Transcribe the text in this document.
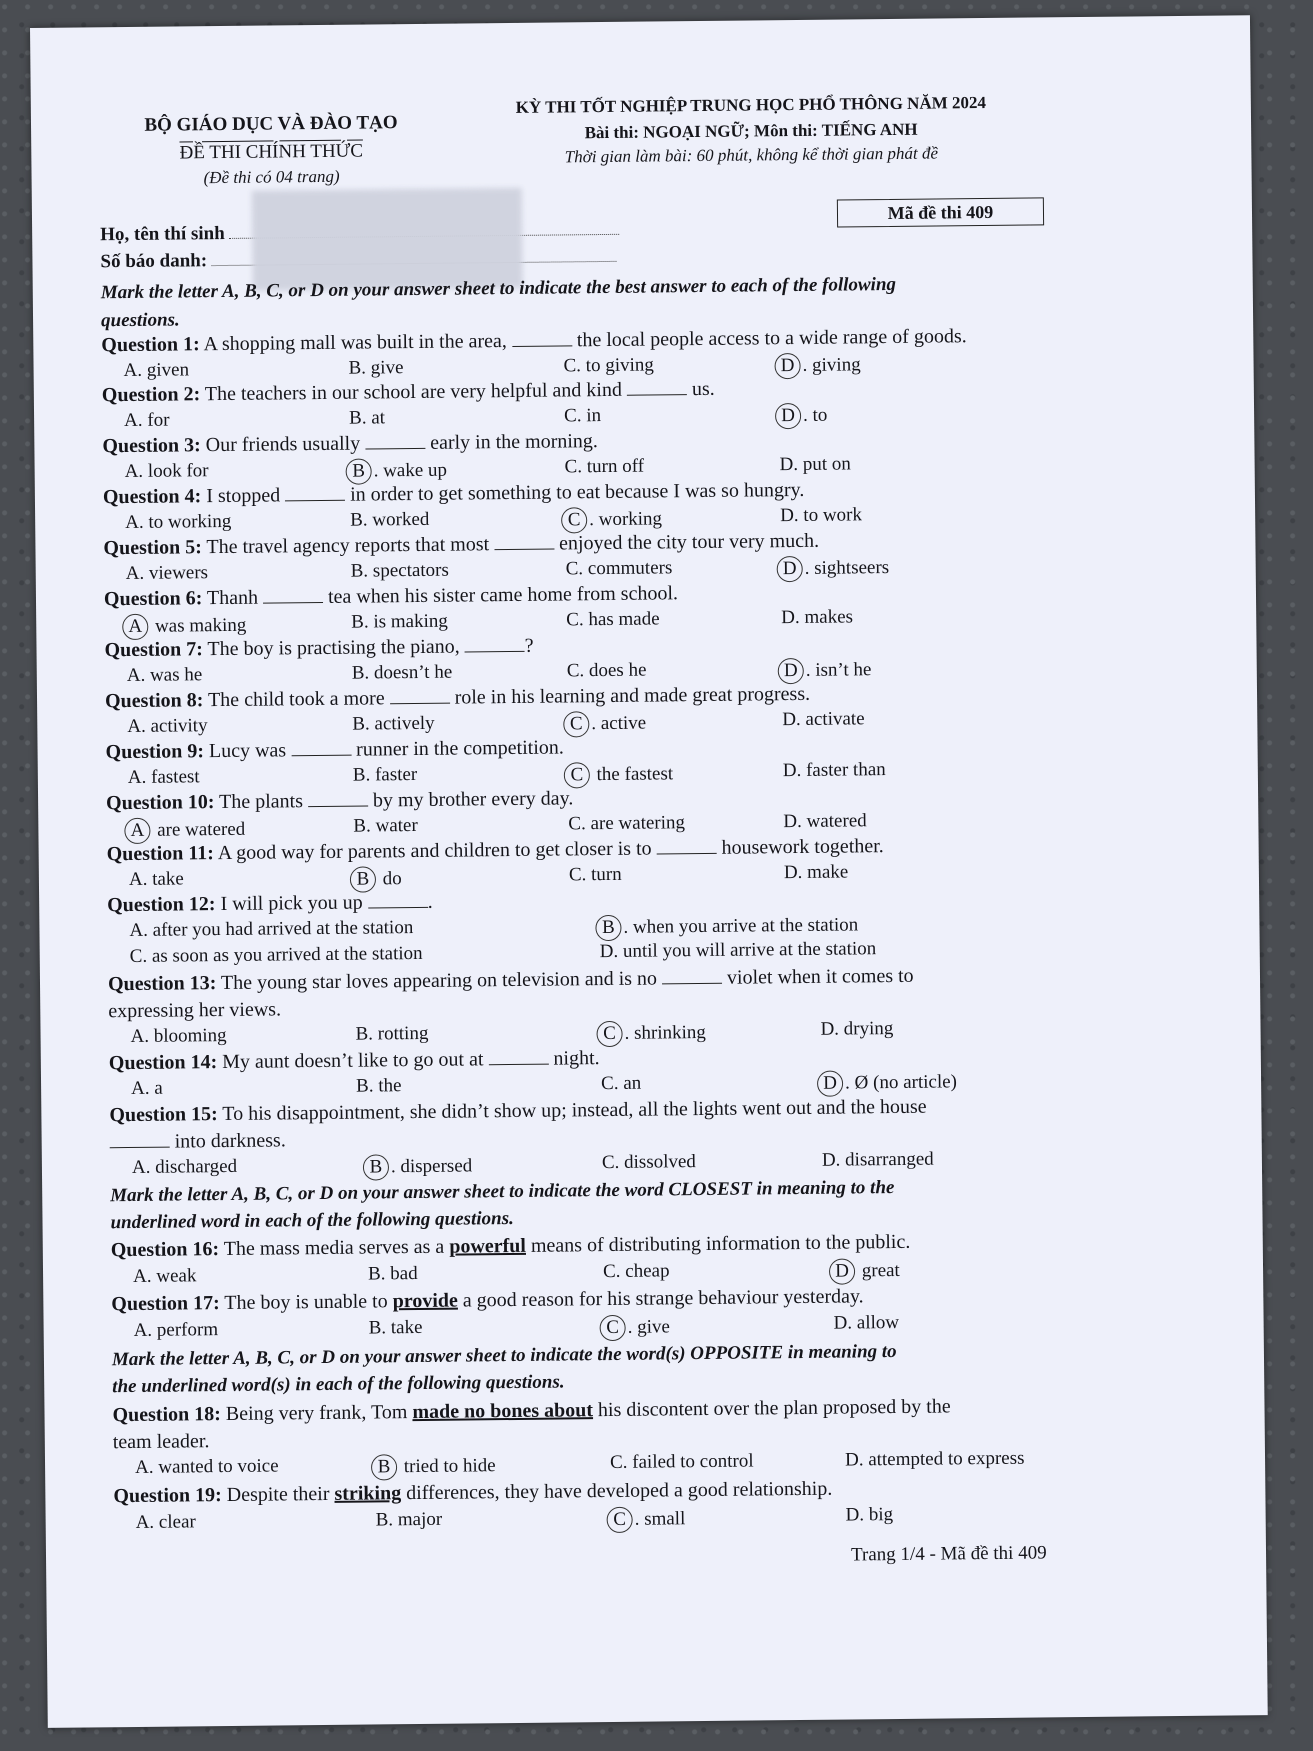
BỘ GIÁO DỤC VÀ ĐÀO TẠO
ĐỀ THI CHÍNH THỨC
(Đề thi có 04 trang)
KỲ THI TỐT NGHIỆP TRUNG HỌC PHỔ THÔNG NĂM 2024
Bài thi: NGOẠI NGỮ; Môn thi: TIẾNG ANH
Thời gian làm bài: 60 phút, không kể thời gian phát đề
Mã đề thi 409
Họ, tên thí sinh
Số báo danh:
Mark the letter A, B, C, or D on your answer sheet to indicate the best answer to each of the following
questions.
Question 1: A shopping mall was built in the area,	the local people access to a wide range of goods.
A. given	B. give	C. to giving	D . giving
Question 2: The teachers in our school are very helpful and kind	us.
A. for	B. at	C. in	D . to
Question 3: Our friends usually	early in the morning.
A. look for	B . wake up	C. turn off	D. put on
Question 4: I stopped	in order to get something to eat because I was so hungry.
A. to working	B. worked	C . working	D. to work
Question 5: The travel agency reports that most	enjoyed the city tour very much.
A. viewers	B. spectators	C. commuters	D . sightseers
Question 6: Thanh	tea when his sister came home from school.
A was making	B. is making	C. has made	D. makes
Question 7: The boy is practising the piano,	?
A. was he	B. doesn’t he	C. does he	D . isn’t he
Question 8: The child took a more	role in his learning and made great progress.
A. activity	B. actively	C . active	D. activate
Question 9: Lucy was	runner in the competition.
A. fastest	B. faster	C the fastest	D. faster than
Question 10: The plants	by my brother every day.
A are watered	B. water	C. are watering	D. watered
Question 11: A good way for parents and children to get closer is to	housework together.
A. take	B do	C. turn	D. make
Question 12: I will pick you up	.
A. after you had arrived at the station	B . when you arrive at the station
C. as soon as you arrived at the station	D. until you will arrive at the station
Question 13: The young star loves appearing on television and is no	violet when it comes to
expressing her views.
A. blooming	B. rotting	C . shrinking	D. drying
Question 14: My aunt doesn’t like to go out at	night.
A. a	B. the	C. an	D . Ø (no article)
Question 15: To his disappointment, she didn’t show up; instead, all the lights went out and the house
into darkness.
A. discharged	B . dispersed	C. dissolved	D. disarranged
Mark the letter A, B, C, or D on your answer sheet to indicate the word CLOSEST in meaning to the
underlined word in each of the following questions.
Question 16: The mass media serves as a powerful means of distributing information to the public.
A. weak	B. bad	C. cheap	D great
Question 17: The boy is unable to provide a good reason for his strange behaviour yesterday.
A. perform	B. take	C . give	D. allow
Mark the letter A, B, C, or D on your answer sheet to indicate the word(s) OPPOSITE in meaning to
the underlined word(s) in each of the following questions.
Question 18: Being very frank, Tom made no bones about his discontent over the plan proposed by the
team leader.
A. wanted to voice	B tried to hide	C. failed to control	D. attempted to express
Question 19: Despite their striking differences, they have developed a good relationship.
A. clear	B. major	C . small	D. big
Trang 1/4 - Mã đề thi 409
